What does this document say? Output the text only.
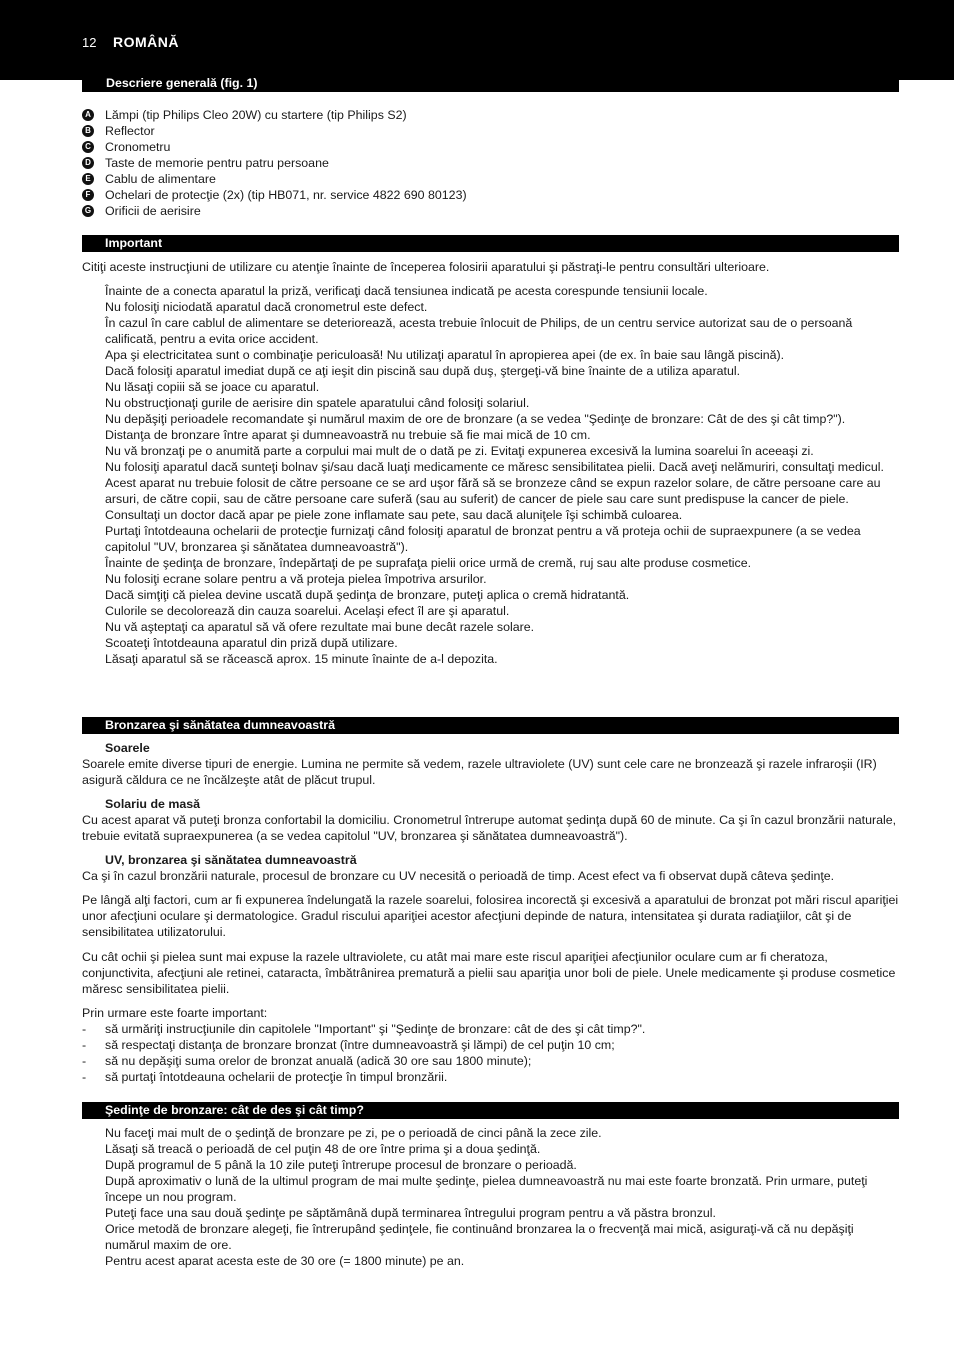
12 ROMÂNĂ
Descriere generală (fig. 1)
A Lămpi (tip Philips Cleo 20W) cu startere (tip Philips S2)
B Reflector
C Cronometru
D Taste de memorie pentru patru persoane
E Cablu de alimentare
F Ochelari de protecţie (2x) (tip HB071, nr. service 4822 690 80123)
G Orificii de aerisire
Important

Citiţi aceste instrucţiuni de utilizare cu atenţie înainte de începerea folosirii aparatului şi păstraţi-le pentru consultări ulterioare.

Înainte de a conecta aparatul la priză, verificaţi dacă tensiunea indicată pe acesta corespunde tensiunii locale.

Nu folosiţi niciodată aparatul dacă cronometrul este defect.

În cazul în care cablul de alimentare se deteriorează, acesta trebuie înlocuit de Philips, de un centru service autorizat sau de o persoană calificată, pentru a evita orice accident.

Apa şi electricitatea sunt o combinaţie periculoasă! Nu utilizaţi aparatul în apropierea apei (de ex. în baie sau lângă piscină).

Dacă folosiţi aparatul imediat după ce aţi ieşit din piscină sau după duş, ştergeţi-vă bine înainte de a utiliza aparatul.

Nu lăsaţi copiii să se joace cu aparatul.

Nu obstrucţionaţi gurile de aerisire din spatele aparatului când folosiţi solariul.

Nu depăşiţi perioadele recomandate şi numărul maxim de ore de bronzare (a se vedea "Şedinţe de bronzare: Cât de des şi cât timp?").

Distanţa de bronzare între aparat şi dumneavoastră nu trebuie să fie mai mică de 10 cm.

Nu vă bronzaţi pe o anumită parte a corpului mai mult de o dată pe zi. Evitaţi expunerea excesivă la lumina soarelui în aceeaşi zi.

Nu folosiţi aparatul dacă sunteţi bolnav şi/sau dacă luaţi medicamente ce măresc sensibilitatea pielii. Dacă aveţi nelămuriri, consultaţi medicul.

Acest aparat nu trebuie folosit de către persoane ce se ard uşor fără să se bronzeze când se expun razelor solare, de către persoane care au arsuri, de către copii, sau de către persoane care suferă (sau au suferit) de cancer de piele sau care sunt predispuse la cancer de piele.

Consultaţi un doctor dacă apar pe piele zone inflamate sau pete, sau dacă aluniţele îşi schimbă culoarea.

Purtaţi întotdeauna ochelarii de protecţie furnizaţi când folosiţi aparatul de bronzat pentru a vă proteja ochii de supraexpunere (a se vedea capitolul "UV, bronzarea şi sănătatea dumneavoastră").

Înainte de şedinţa de bronzare, îndepărtaţi de pe suprafaţa pielii orice urmă de cremă, ruj sau alte produse cosmetice.

Nu folosiţi ecrane solare pentru a vă proteja pielea împotriva arsurilor.

Dacă simţiţi că pielea devine uscată după şedinţa de bronzare, puteţi aplica o cremă hidratantă.

Culorile se decolorează din cauza soarelui. Acelaşi efect îl are şi aparatul.

Nu vă aşteptaţi ca aparatul să vă ofere rezultate mai bune decât razele solare.

Scoateţi întotdeauna aparatul din priză după utilizare.

Lăsaţi aparatul să se răcească aprox. 15 minute înainte de a-l depozita.

Bronzarea şi sănătatea dumneavoastră

Soarele

Soarele emite diverse tipuri de energie. Lumina ne permite să vedem, razele ultraviolete (UV) sunt cele care ne bronzează şi razele infraroşii (IR) asigură căldura ce ne încălzeşte atât de plăcut trupul.

Solariu de masă

Cu acest aparat vă puteţi bronza confortabil la domiciliu. Cronometrul întrerupe automat şedinţa după 60 de minute. Ca şi în cazul bronzării naturale, trebuie evitată supraexpunerea (a se vedea capitolul "UV, bronzarea şi sănătatea dumneavoastră").

UV, bronzarea şi sănătatea dumneavoastră

Ca şi în cazul bronzării naturale, procesul de bronzare cu UV necesită o perioadă de timp. Acest efect va fi observat după câteva şedinţe.

Pe lângă alţi factori, cum ar fi expunerea îndelungată la razele soarelui, folosirea incorectă şi excesivă a aparatului de bronzat pot mări riscul apariţiei unor afecţiuni oculare şi dermatologice. Gradul riscului apariţiei acestor afecţiuni depinde de natura, intensitatea şi durata radiaţiilor, cât şi de sensibilitatea utilizatorului.

Cu cât ochii şi pielea sunt mai expuse la razele ultraviolete, cu atât mai mare este riscul apariţiei afecţiunilor oculare cum ar fi cheratoza, conjunctivita, afecţiuni ale retinei, cataracta, îmbătrânirea prematură a pielii sau apariţia unor boli de piele. Unele medicamente şi produse cosmetice măresc sensibilitatea pielii.

Prin urmare este foarte important:

-	să urmăriţi instrucţiunile din capitolele "Important" şi "Şedinţe de bronzare: cât de des şi cât timp?".
-	să respectaţi distanţa de bronzare bronzat (între dumneavoastră şi lămpi) de cel puţin 10 cm;
-	să nu depăşiţi suma orelor de bronzat anuală (adică 30 ore sau 1800 minute);
-	să purtaţi întotdeauna ochelarii de protecţie în timpul bronzării.
Şedinţe de bronzare: cât de des şi cât timp?

Nu faceţi mai mult de o şedinţă de bronzare pe zi, pe o perioadă de cinci până la zece zile.

Lăsaţi să treacă o perioadă de cel puţin 48 de ore între prima şi a doua şedinţă.

După programul de 5 până la 10 zile puteţi întrerupe procesul de bronzare o perioadă.

După aproximativ o lună de la ultimul program de mai multe şedinţe, pielea dumneavoastră nu mai este foarte bronzată. Prin urmare, puteţi începe un nou program.

Puteţi face una sau două şedinţe pe săptămână după terminarea întregului program pentru a vă păstra bronzul.

Orice metodă de bronzare alegeţi, fie întrerupând şedinţele, fie continuând bronzarea la o frecvenţă mai mică, asiguraţi-vă că nu depăşiţi numărul maxim de ore.

Pentru acest aparat acesta este de 30 ore (= 1800 minute) pe an.
